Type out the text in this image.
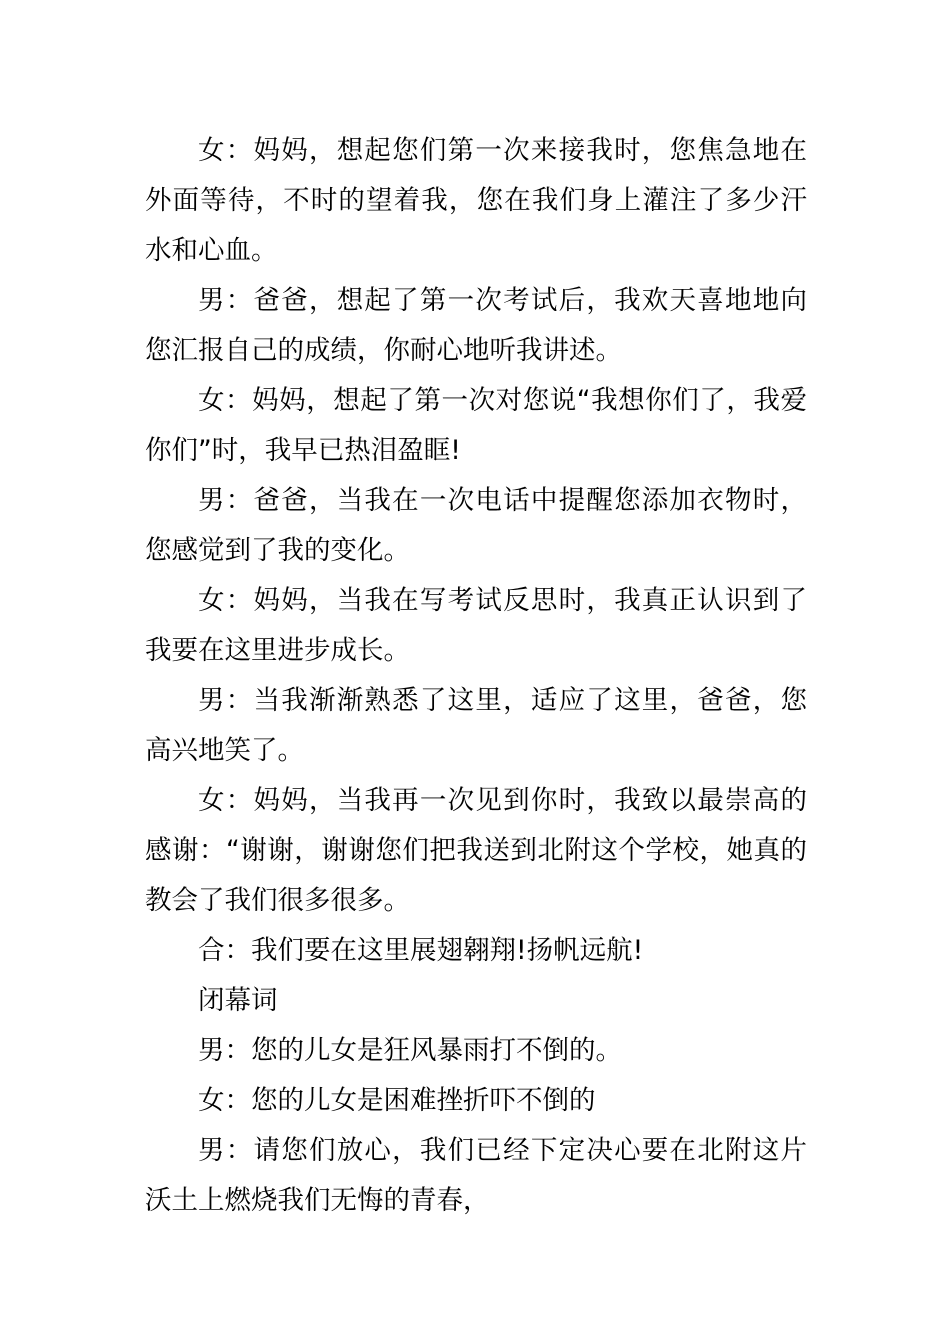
女：妈妈，想起您们第一次来接我时，您焦急地在外面等待，不时的望着我，您在我们身上灌注了多少汗水和心血。

男：爸爸，想起了第一次考试后，我欢天喜地地向您汇报自己的成绩，你耐心地听我讲述。

女：妈妈，想起了第一次对您说“我想你们了，我爱你们”时，我早已热泪盈眶!

男：爸爸，当我在一次电话中提醒您添加衣物时，您感觉到了我的变化。

女：妈妈，当我在写考试反思时，我真正认识到了我要在这里进步成长。

男：当我渐渐熟悉了这里，适应了这里，爸爸，您高兴地笑了。

女：妈妈，当我再一次见到你时，我致以最崇高的感谢：“谢谢，谢谢您们把我送到北附这个学校，她真的教会了我们很多很多。

合：我们要在这里展翅翱翔!扬帆远航!

闭幕词

男：您的儿女是狂风暴雨打不倒的。

女：您的儿女是困难挫折吓不倒的

男：请您们放心，我们已经下定决心要在北附这片沃土上燃烧我们无悔的青春，
